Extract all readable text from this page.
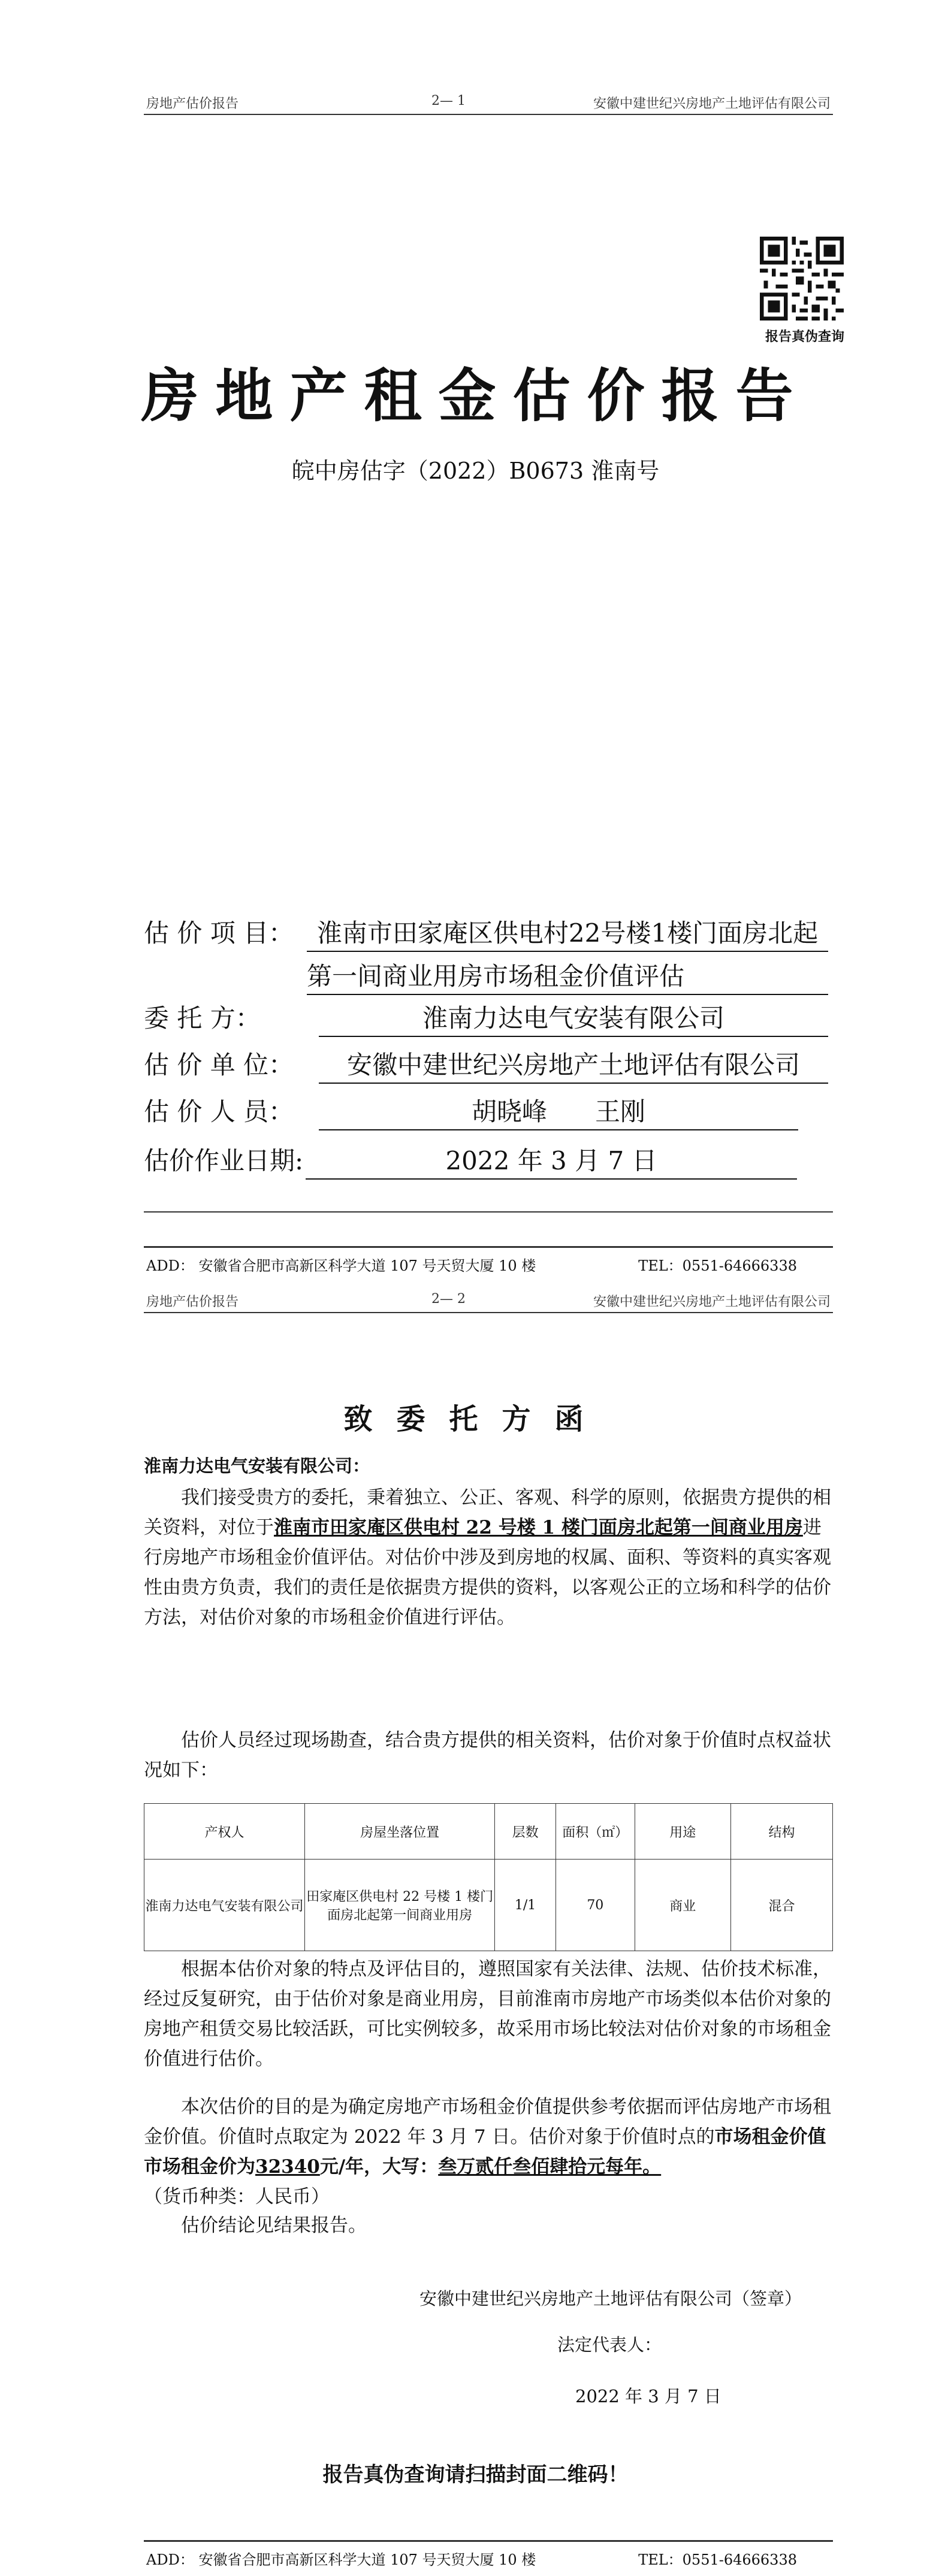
房地产估价报告	2— 1	安徽中建世纪兴房地产土地评估有限公司
报告真伪查询
房地产租金估价报告
皖中房估字（2022）B0673 淮南号
估 价 项 目： 淮南市田家庵区供电村22号楼1楼门面房北起
第一间商业用房市场租金价值评估
委 托 方：	淮南力达电气安装有限公司
估 价 单 位：	安徽中建世纪兴房地产土地评估有限公司
估 价 人 员：	胡晓峰      王刚
估价作业日期:	2022 年 3 月 7 日
ADD： 安徽省合肥市高新区科学大道 107 号天贸大厦 10 楼	TEL：0551-64666338
房地产估价报告	2— 2	安徽中建世纪兴房地产土地评估有限公司
致委托方函
淮南力达电气安装有限公司：
我们接受贵方的委托，秉着独立、公正、客观、科学的原则，依据贵方提供的相关资料，对位于淮南市田家庵区供电村 22 号楼 1 楼门面房北起第一间商业用房进行房地产市场租金价值评估。对估价中涉及到房地的权属、面积、等资料的真实客观性由贵方负责，我们的责任是依据贵方提供的资料，以客观公正的立场和科学的估价方法，对估价对象的市场租金价值进行评估。
估价人员经过现场勘查，结合贵方提供的相关资料，估价对象于价值时点权益状况如下：
产权人	房屋坐落位置	层数	面积（㎡）	用途	结构
淮南力达电气安装有限公司	田家庵区供电村 22 号楼 1 楼门面房北起第一间商业用房	1/1	70	商业	混合
根据本估价对象的特点及评估目的，遵照国家有关法律、法规、估价技术标准，经过反复研究，由于估价对象是商业用房，目前淮南市房地产市场类似本估价对象的房地产租赁交易比较活跃，可比实例较多，故采用市场比较法对估价对象的市场租金价值进行估价。
本次估价的目的是为确定房地产市场租金价值提供参考依据而评估房地产市场租金价值。价值时点取定为 2022 年 3 月 7 日。估价对象于价值时点的市场租金价值市场租金价为32340元/年，大写：叁万贰仟叁佰肆拾元每年。（货币种类：人民币）
估价结论见结果报告。
安徽中建世纪兴房地产土地评估有限公司（签章）
法定代表人：
2022 年 3 月 7 日
报告真伪查询请扫描封面二维码！
ADD： 安徽省合肥市高新区科学大道 107 号天贸大厦 10 楼	TEL：0551-64666338
